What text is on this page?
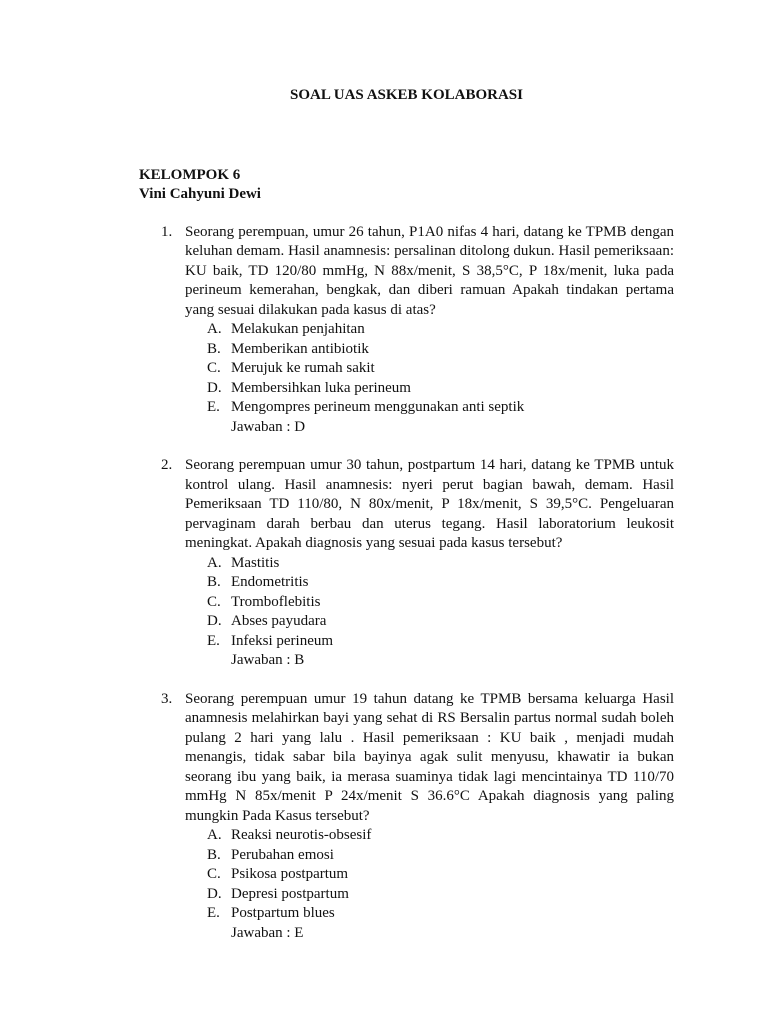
SOAL UAS ASKEB KOLABORASI
KELOMPOK 6
Vini Cahyuni Dewi
1. Seorang perempuan, umur 26 tahun, P1A0 nifas 4 hari, datang ke TPMB dengan keluhan demam. Hasil anamnesis: persalinan ditolong dukun. Hasil pemeriksaan: KU baik, TD 120/80 mmHg, N 88x/menit, S 38,5°C, P 18x/menit, luka pada perineum kemerahan, bengkak, dan diberi ramuan Apakah tindakan pertama yang sesuai dilakukan pada kasus di atas?
A. Melakukan penjahitan
B. Memberikan antibiotik
C. Merujuk ke rumah sakit
D. Membersihkan luka perineum
E. Mengompres perineum menggunakan anti septik
Jawaban : D
2. Seorang perempuan umur 30 tahun, postpartum 14 hari, datang ke TPMB untuk kontrol ulang. Hasil anamnesis: nyeri perut bagian bawah, demam. Hasil Pemeriksaan TD 110/80, N 80x/menit, P 18x/menit, S 39,5°C. Pengeluaran pervaginam darah berbau dan uterus tegang. Hasil laboratorium leukosit meningkat. Apakah diagnosis yang sesuai pada kasus tersebut?
A. Mastitis
B. Endometritis
C. Tromboflebitis
D. Abses payudara
E. Infeksi perineum
Jawaban : B
3. Seorang perempuan umur 19 tahun datang ke TPMB bersama keluarga Hasil anamnesis melahirkan bayi yang sehat di RS Bersalin partus normal sudah boleh pulang 2 hari yang lalu . Hasil pemeriksaan : KU baik , menjadi mudah menangis, tidak sabar bila bayinya agak sulit menyusu, khawatir ia bukan seorang ibu yang baik, ia merasa suaminya tidak lagi mencintainya TD 110/70 mmHg N 85x/menit P 24x/menit S 36.6°C Apakah diagnosis yang paling mungkin Pada Kasus tersebut?
A. Reaksi neurotis-obsesif
B. Perubahan emosi
C. Psikosa postpartum
D. Depresi postpartum
E. Postpartum blues
Jawaban : E
